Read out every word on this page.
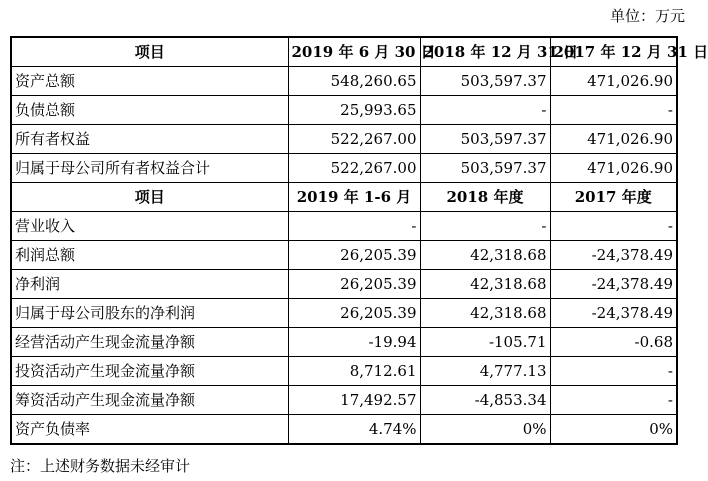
单位：万元
项目	2019 年 6 月 30 日	2018 年 12 月 31 日	2017 年 12 月 31 日
资产总额	548,260.65	503,597.37	471,026.90
负债总额	25,993.65	-	-
所有者权益	522,267.00	503,597.37	471,026.90
归属于母公司所有者权益合计	522,267.00	503,597.37	471,026.90
项目	2019 年 1-6 月	2018 年度	2017 年度
营业收入	-	-	-
利润总额	26,205.39	42,318.68	-24,378.49
净利润	26,205.39	42,318.68	-24,378.49
归属于母公司股东的净利润	26,205.39	42,318.68	-24,378.49
经营活动产生现金流量净额	-19.94	-105.71	-0.68
投资活动产生现金流量净额	8,712.61	4,777.13	-
筹资活动产生现金流量净额	17,492.57	-4,853.34	-
资产负债率	4.74%	0%	0%
注：上述财务数据未经审计
